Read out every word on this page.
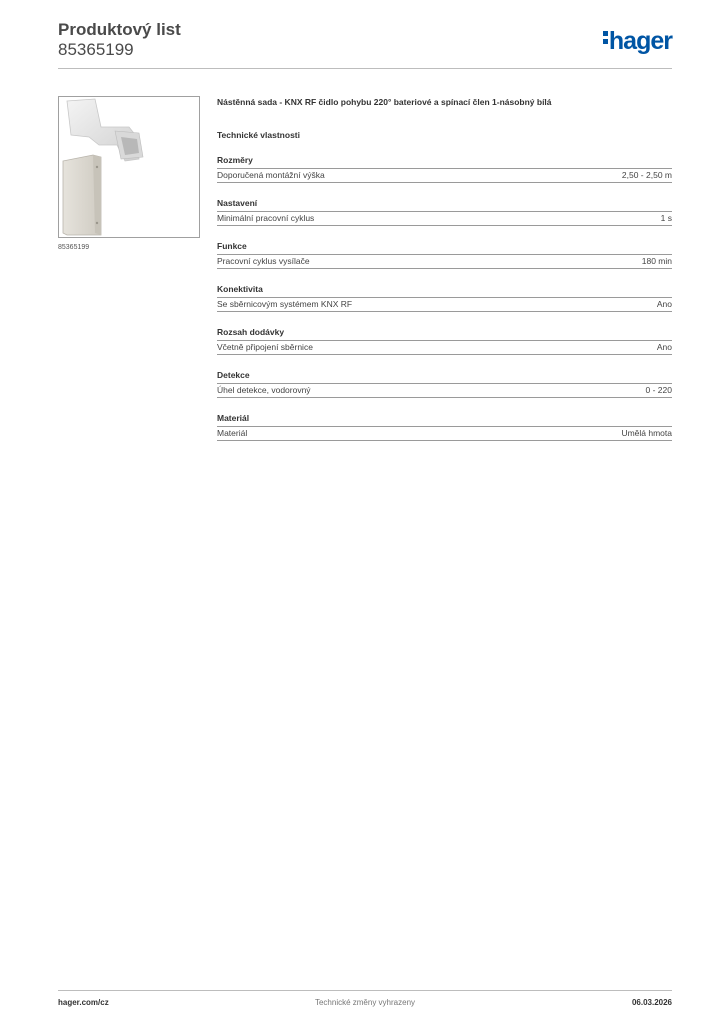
Produktový list
85365199	hager
85365199
Nástěnná sada - KNX RF čidlo pohybu 220° bateriové a spínací člen 1-násobný bílá
Technické vlastnosti
Rozměry
Doporučená montážní výška	2,50 - 2,50 m
Nastavení
Minimální pracovní cyklus	1 s
Funkce
Pracovní cyklus vysílače	180 min
Konektivita
Se sběrnicovým systémem KNX RF	Ano
Rozsah dodávky
Včetně připojení sběrnice	Ano
Detekce
Úhel detekce, vodorovný	0 - 220
Materiál
Materiál	Umělá hmota
hager.com/cz	Technické změny vyhrazeny	06.03.2026
